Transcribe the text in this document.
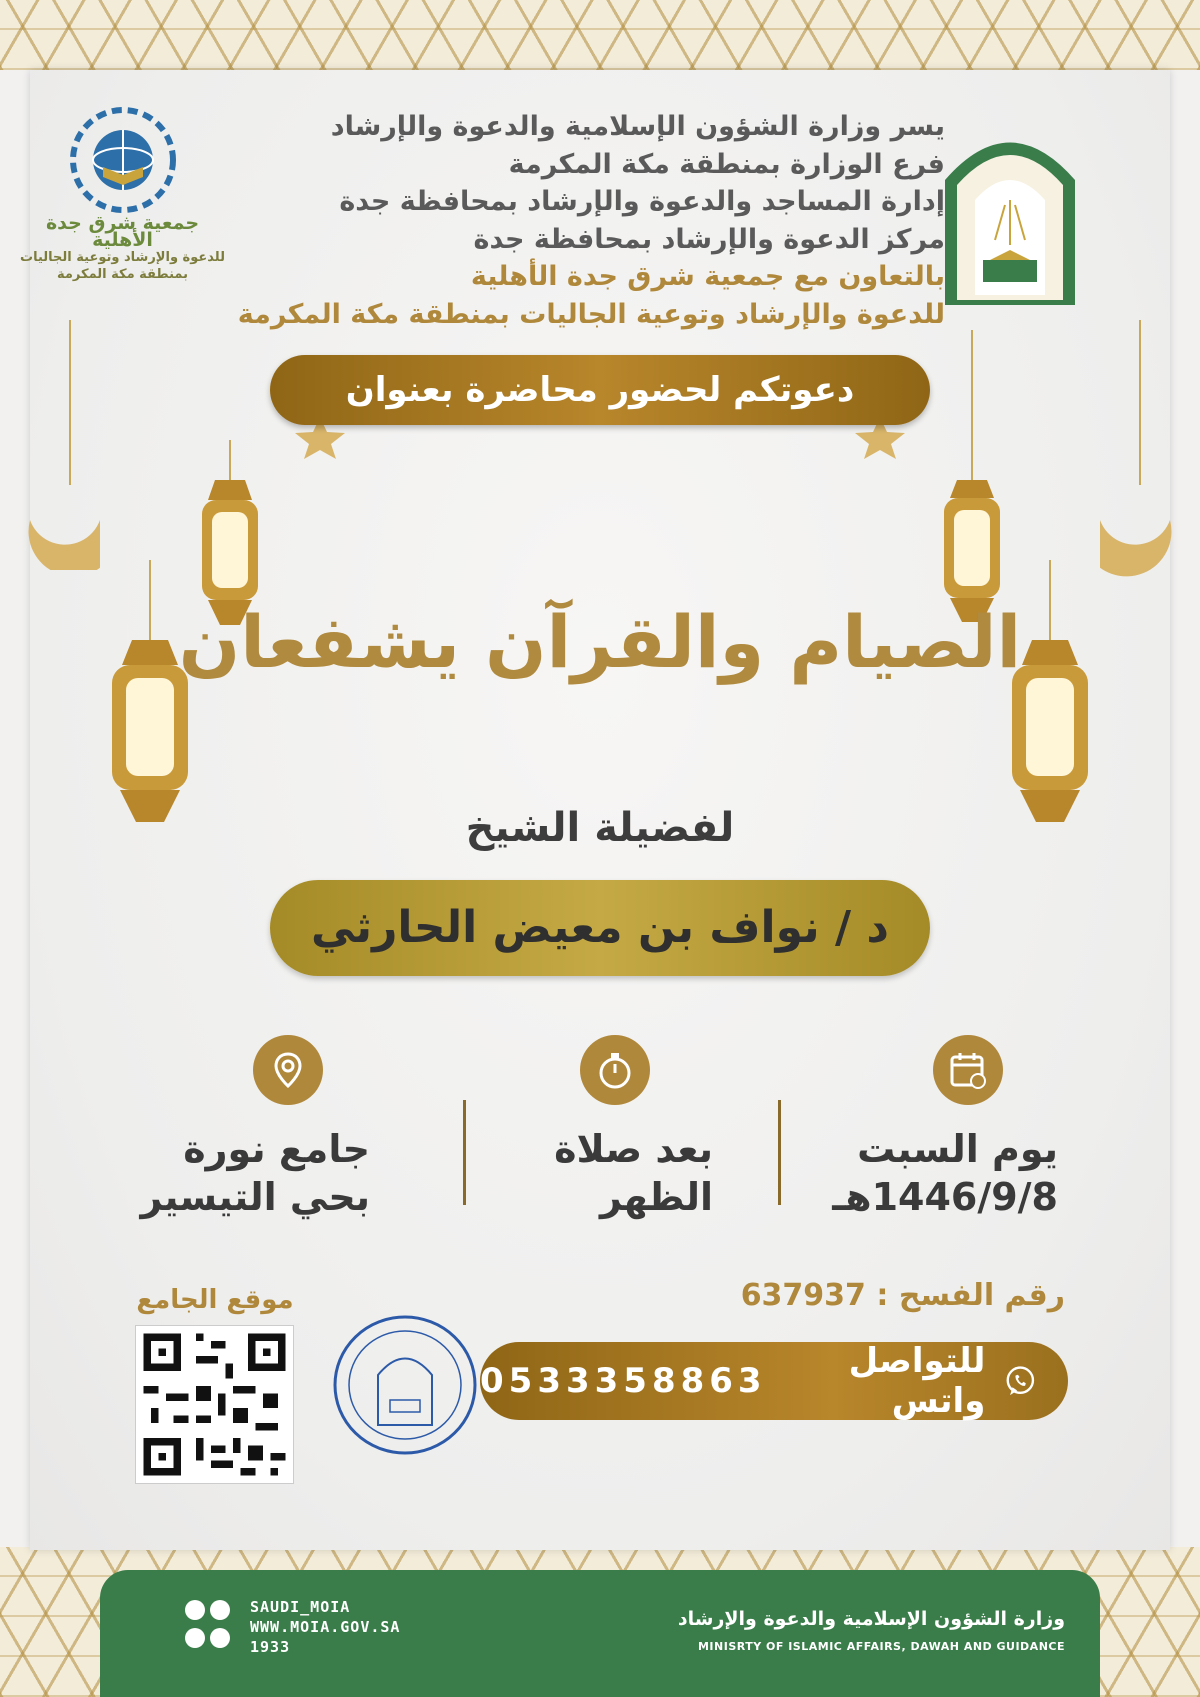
جمعية شرق جدة الأهلية
للدعوة والإرشاد وتوعية الجاليات
بمنطقة مكة المكرمة
يسر وزارة الشؤون الإسلامية والدعوة والإرشاد
فرع الوزارة بمنطقة مكة المكرمة
إدارة المساجد والدعوة والإرشاد بمحافظة جدة
مركز الدعوة والإرشاد بمحافظة جدة
بالتعاون مع جمعية شرق جدة الأهلية
للدعوة والإرشاد وتوعية الجاليات بمنطقة مكة المكرمة
دعوتكم لحضور محاضرة بعنوان
الصيام والقرآن يشفعان
لفضيلة الشيخ
د / نواف بن معيض الحارثي
يوم السبت
1446/9/8هـ
بعد صلاة
الظهر
جامع نورة
بحي التيسير
رقم الفسح : 637937
موقع الجامع
0533358863	للتواصل واتس
وزارة الشؤون الإسلامية والدعوة والإرشاد
MINISRTY OF ISLAMIC AFFAIRS, DAWAH AND GUIDANCE
SAUDI_MOIA
WWW.MOIA.GOV.SA
1933
